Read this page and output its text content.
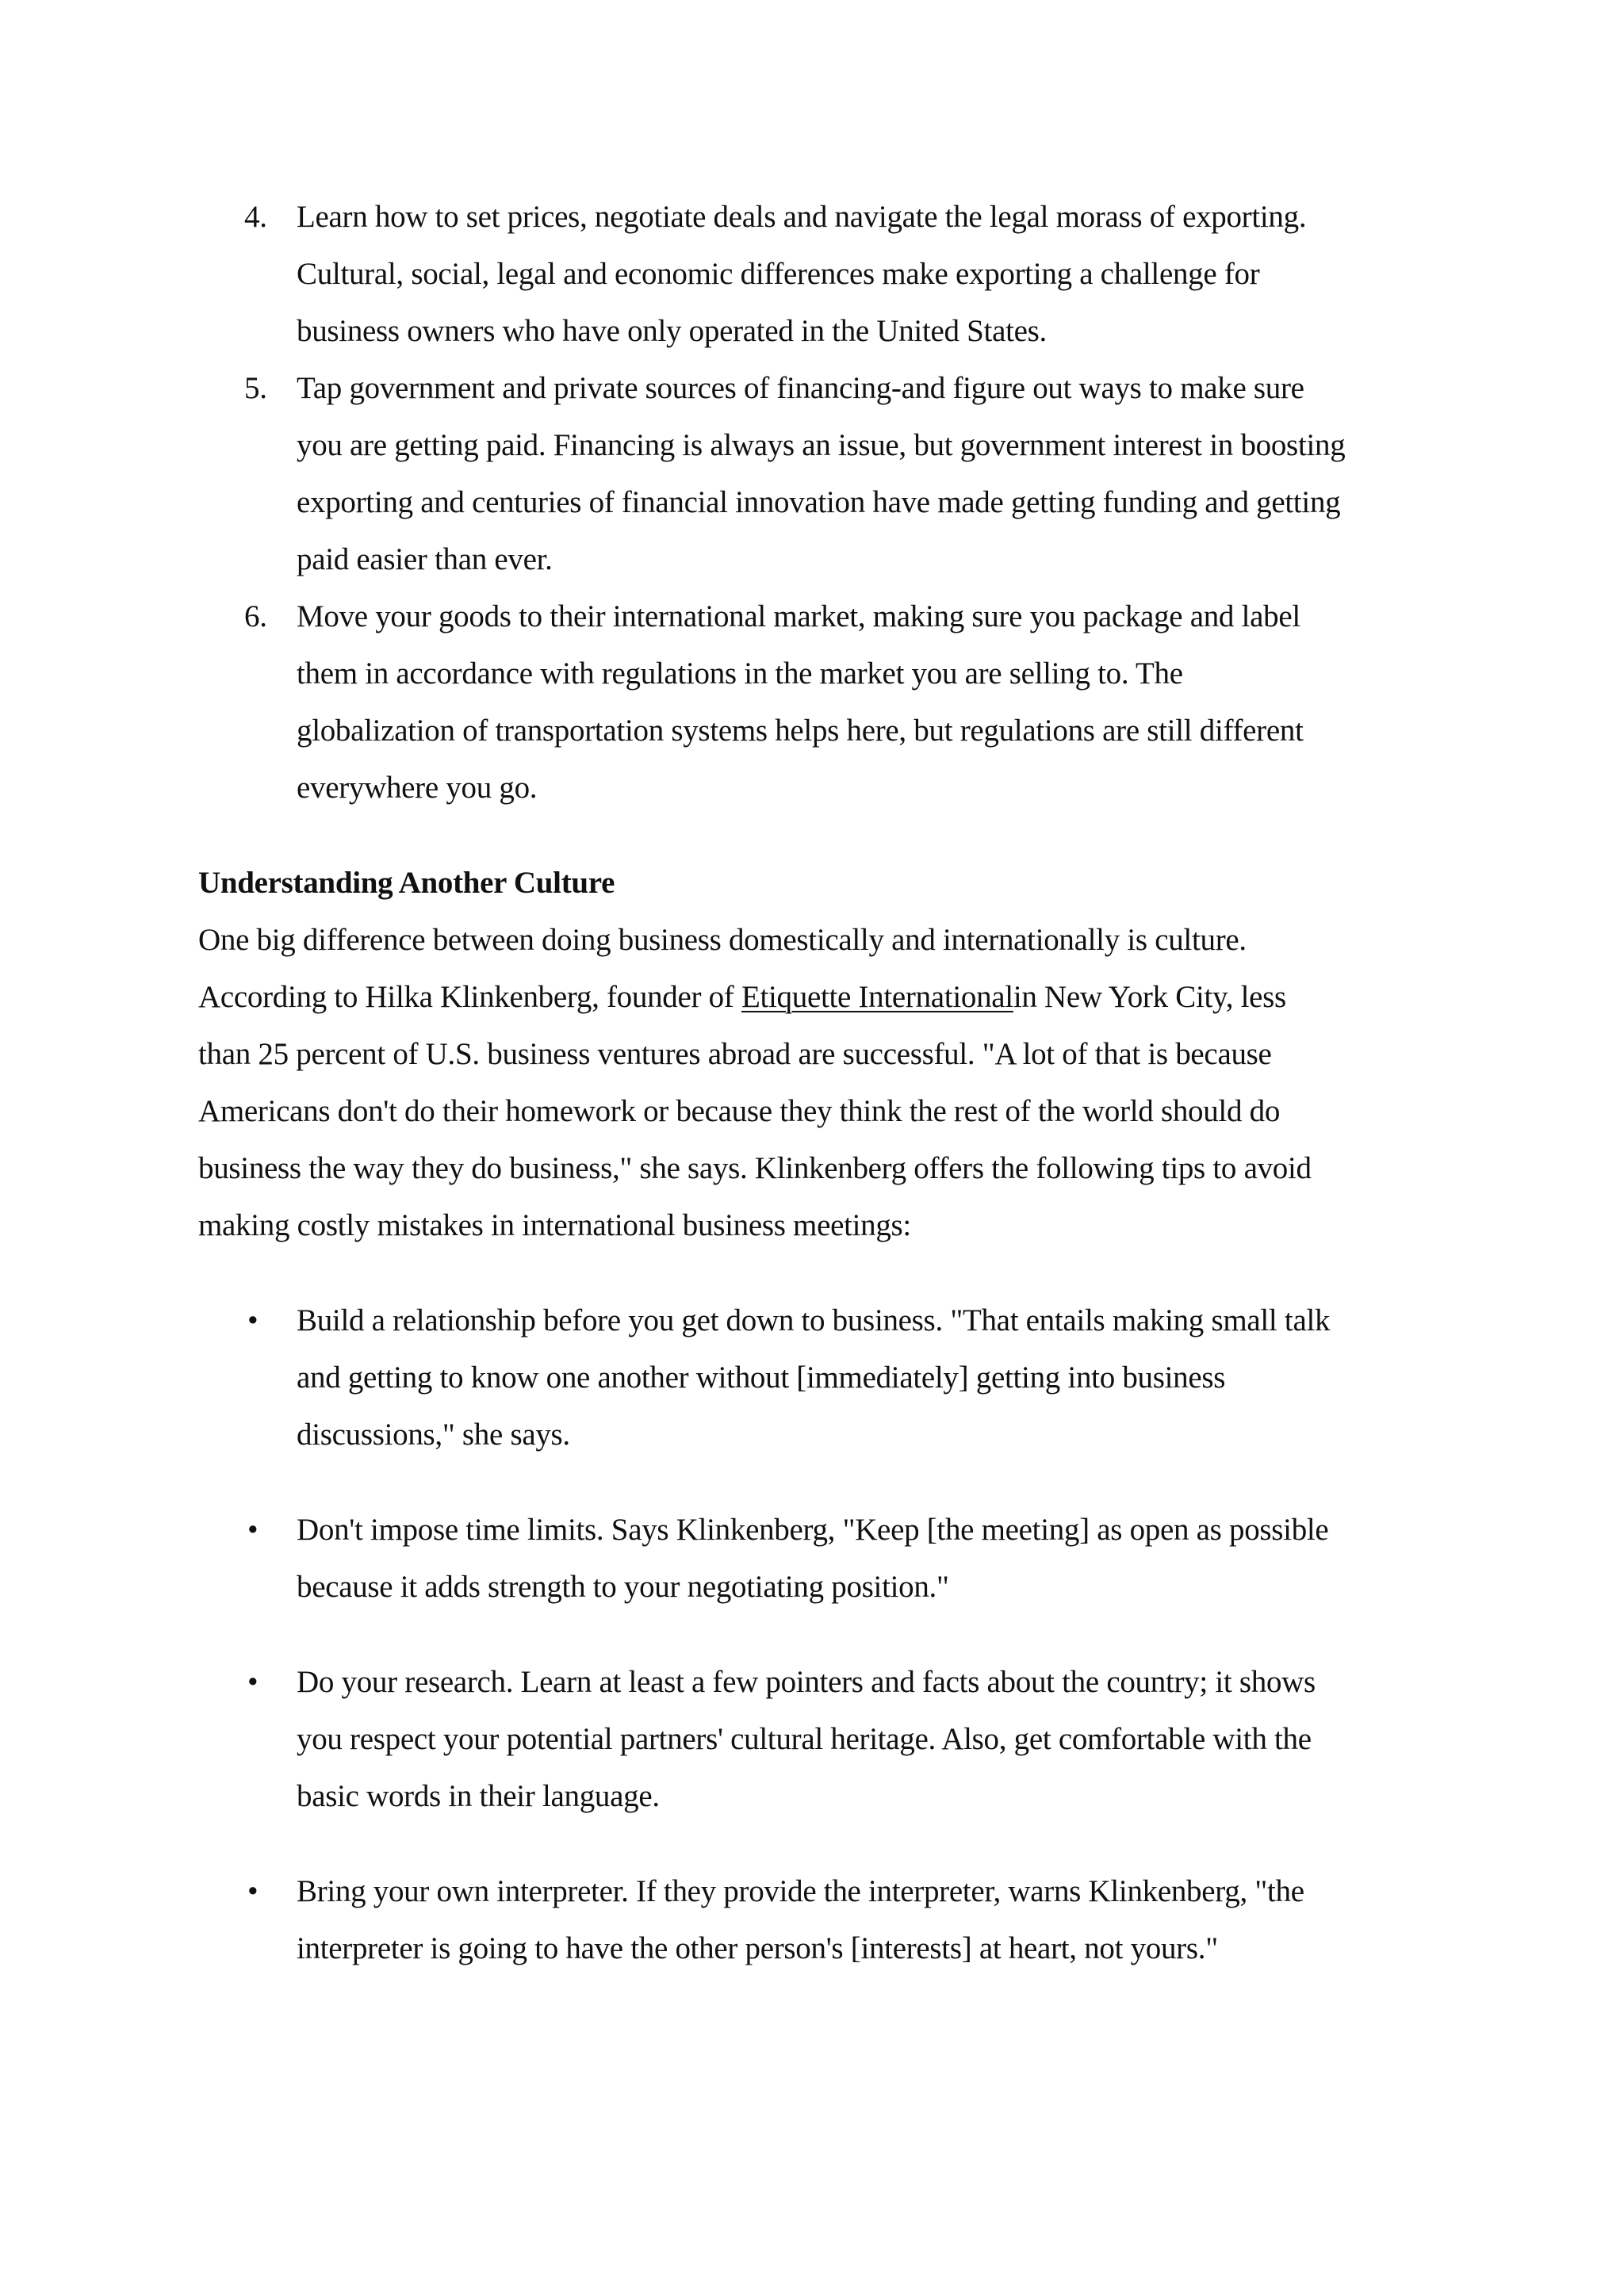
4. Learn how to set prices, negotiate deals and navigate the legal morass of exporting.
Cultural, social, legal and economic differences make exporting a challenge for
business owners who have only operated in the United States.
5. Tap government and private sources of financing-and figure out ways to make sure
you are getting paid. Financing is always an issue, but government interest in boosting
exporting and centuries of financial innovation have made getting funding and getting
paid easier than ever.
6. Move your goods to their international market, making sure you package and label
them in accordance with regulations in the market you are selling to. The
globalization of transportation systems helps here, but regulations are still different
everywhere you go.
Understanding Another Culture
One big difference between doing business domestically and internationally is culture.
According to Hilka Klinkenberg, founder of Etiquette Internationalin New York City, less
than 25 percent of U.S. business ventures abroad are successful. "A lot of that is because
Americans don't do their homework or because they think the rest of the world should do
business the way they do business," she says. Klinkenberg offers the following tips to avoid
making costly mistakes in international business meetings:
• Build a relationship before you get down to business. "That entails making small talk
and getting to know one another without [immediately] getting into business
discussions," she says.
• Don't impose time limits. Says Klinkenberg, "Keep [the meeting] as open as possible
because it adds strength to your negotiating position."
• Do your research. Learn at least a few pointers and facts about the country; it shows
you respect your potential partners' cultural heritage. Also, get comfortable with the
basic words in their language.
• Bring your own interpreter. If they provide the interpreter, warns Klinkenberg, "the
interpreter is going to have the other person's [interests] at heart, not yours."
